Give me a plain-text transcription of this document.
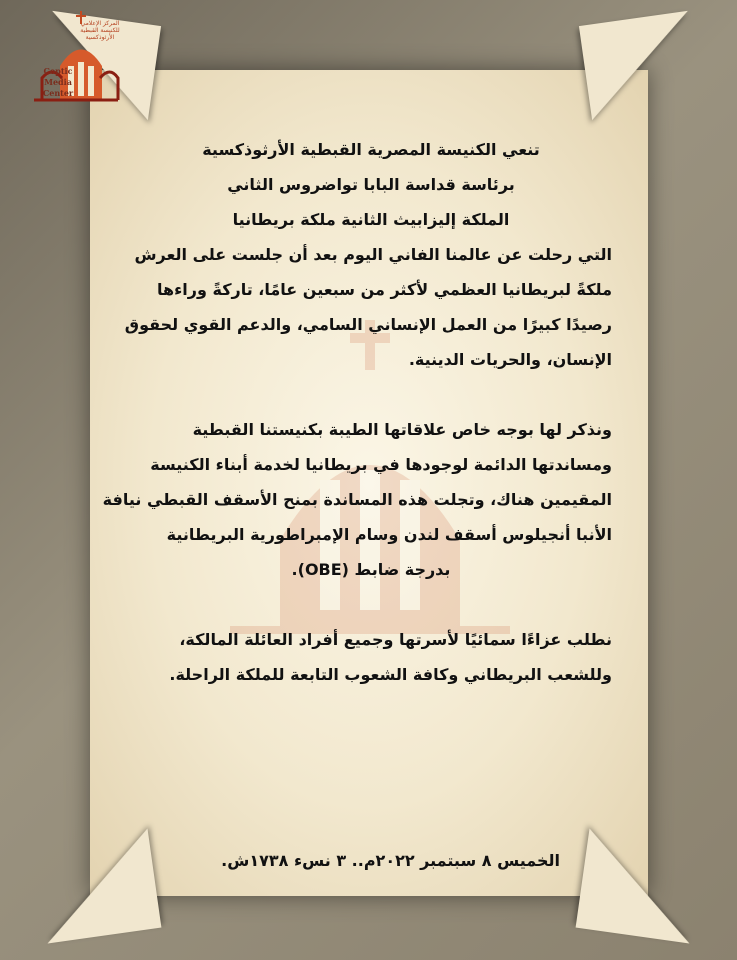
المركز الإعلامي للكنيسة القبطية الأرثوذكسية
Coptic
Media
Center
تنعي الكنيسة المصرية القبطية الأرثوذكسية
برئاسة قداسة البابا تواضروس الثاني
الملكة إليزابيث الثانية ملكة بريطانيا
التي رحلت عن عالمنا الفاني اليوم بعد أن جلست على العرش
ملكةً لبريطانيا العظمي لأكثر من سبعين عامًا، تاركةً وراءها
رصيدًا كبيرًا من العمل الإنساني السامي، والدعم القوي لحقوق
الإنسان، والحريات الدينية.
ونذكر لها بوجه خاص علاقاتها الطيبة بكنيستنا القبطية
ومساندتها الدائمة لوجودها في بريطانيا لخدمة أبناء الكنيسة
المقيمين هناك، وتجلت هذه المساندة بمنح الأسقف القبطي نيافة
الأنبا أنجيلوس أسقف لندن وسام الإمبراطورية البريطانية
بدرجة ضابط (OBE).
نطلب عزاءًا سمائيًا لأسرتها وجميع أفراد العائلة المالكة،
وللشعب البريطاني وكافة الشعوب التابعة للملكة الراحلة.
الخميس ٨ سبتمبر ٢٠٢٢م.. ٣ نسء ١٧٣٨ش.
